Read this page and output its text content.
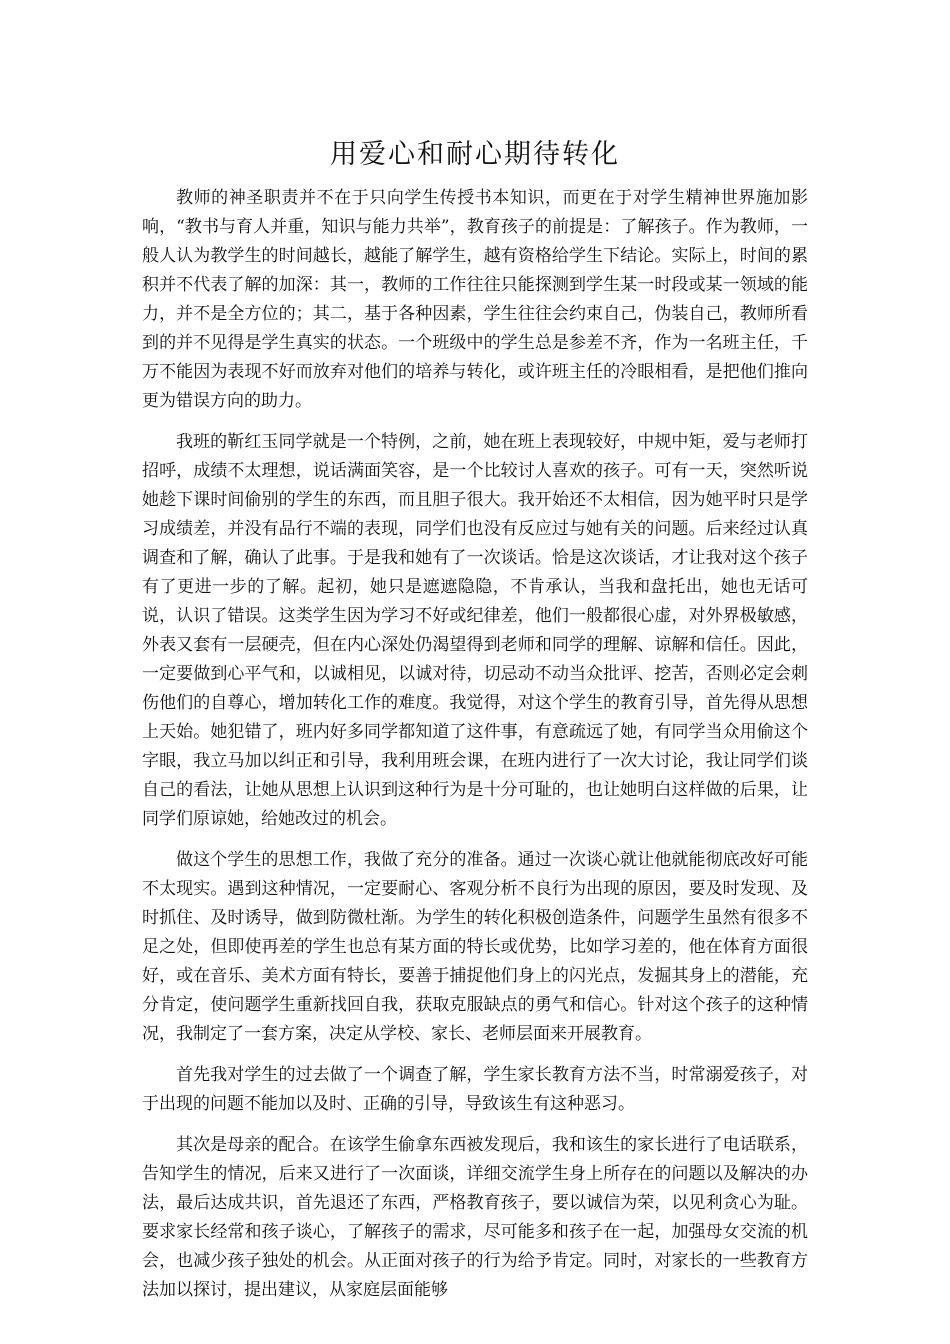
用爱心和耐心期待转化

教师的神圣职责并不在于只向学生传授书本知识，而更在于对学生精神世界施加影响，“教书与育人并重，知识与能力共举”，教育孩子的前提是：了解孩子。作为教师，一般人认为教学生的时间越长，越能了解学生，越有资格给学生下结论。实际上，时间的累积并不代表了解的加深：其一，教师的工作往往只能探测到学生某一时段或某一领域的能力，并不是全方位的；其二，基于各种因素，学生往往会约束自己，伪装自己，教师所看到的并不见得是学生真实的状态。一个班级中的学生总是参差不齐，作为一名班主任，千万不能因为表现不好而放弃对他们的培养与转化，或许班主任的冷眼相看，是把他们推向更为错误方向的助力。

我班的靳红玉同学就是一个特例，之前，她在班上表现较好，中规中矩，爱与老师打招呼，成绩不太理想，说话满面笑容，是一个比较讨人喜欢的孩子。可有一天，突然听说她趁下课时间偷别的学生的东西，而且胆子很大。我开始还不太相信，因为她平时只是学习成绩差，并没有品行不端的表现，同学们也没有反应过与她有关的问题。后来经过认真调查和了解，确认了此事。于是我和她有了一次谈话。恰是这次谈话，才让我对这个孩子有了更进一步的了解。起初，她只是遮遮隐隐，不肯承认，当我和盘托出，她也无话可说，认识了错误。这类学生因为学习不好或纪律差，他们一般都很心虚，对外界极敏感，外表又套有一层硬壳，但在内心深处仍渴望得到老师和同学的理解、谅解和信任。因此，一定要做到心平气和，以诚相见，以诚对待，切忌动不动当众批评、挖苦，否则必定会刺伤他们的自尊心，增加转化工作的难度。我觉得，对这个学生的教育引导，首先得从思想上天始。她犯错了，班内好多同学都知道了这件事，有意疏远了她，有同学当众用偷这个字眼，我立马加以纠正和引导，我利用班会课，在班内进行了一次大讨论，我让同学们谈自己的看法，让她从思想上认识到这种行为是十分可耻的，也让她明白这样做的后果，让同学们原谅她，给她改过的机会。

做这个学生的思想工作，我做了充分的准备。通过一次谈心就让他就能彻底改好可能不太现实。遇到这种情况，一定要耐心、客观分析不良行为出现的原因，要及时发现、及时抓住、及时诱导，做到防微杜渐。为学生的转化积极创造条件，问题学生虽然有很多不足之处，但即使再差的学生也总有某方面的特长或优势，比如学习差的，他在体育方面很好，或在音乐、美术方面有特长，要善于捕捉他们身上的闪光点，发掘其身上的潜能，充分肯定，使问题学生重新找回自我，获取克服缺点的勇气和信心。针对这个孩子的这种情况，我制定了一套方案，决定从学校、家长、老师层面来开展教育。

首先我对学生的过去做了一个调查了解，学生家长教育方法不当，时常溺爱孩子，对于出现的问题不能加以及时、正确的引导，导致该生有这种恶习。

其次是母亲的配合。在该学生偷拿东西被发现后，我和该生的家长进行了电话联系，告知学生的情况，后来又进行了一次面谈，详细交流学生身上所存在的问题以及解决的办法，最后达成共识，首先退还了东西，严格教育孩子，要以诚信为荣，以见利贪心为耻。要求家长经常和孩子谈心，了解孩子的需求，尽可能多和孩子在一起，加强母女交流的机会，也减少孩子独处的机会。从正面对孩子的行为给予肯定。同时，对家长的一些教育方法加以探讨，提出建议，从家庭层面能够
